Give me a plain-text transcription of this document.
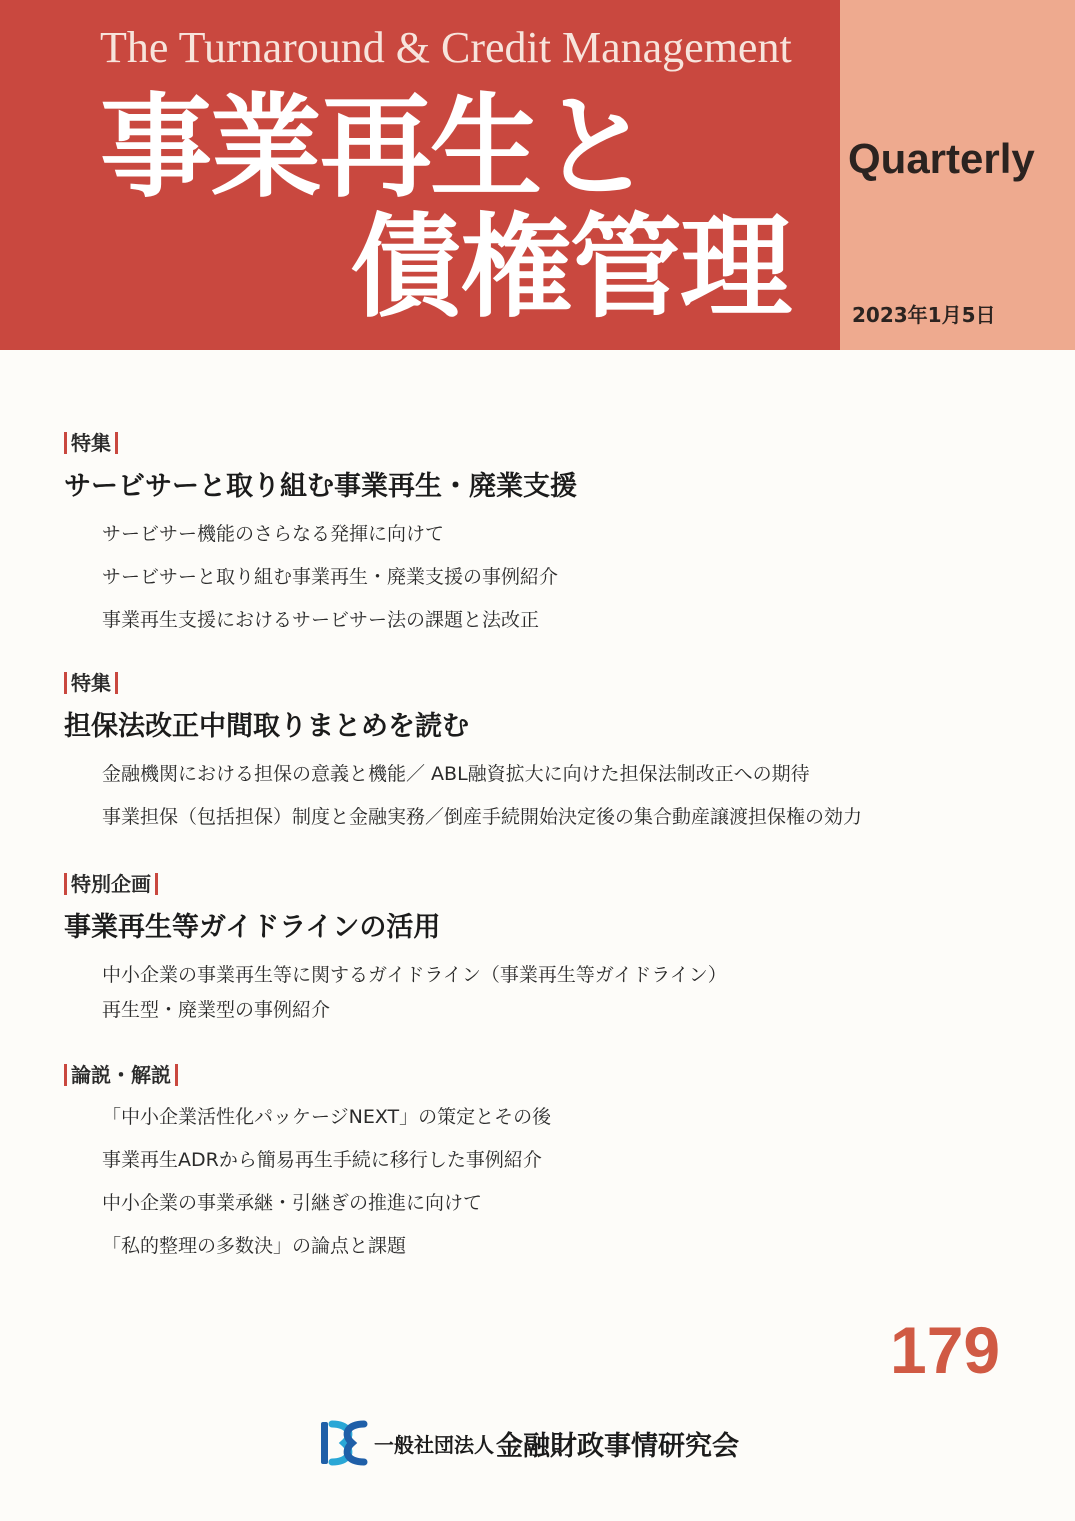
The Turnaround & Credit Management
事業再生と
債権管理
Quarterly
2023年1月5日
特集
サービサーと取り組む事業再生・廃業支援
サービサー機能のさらなる発揮に向けて
サービサーと取り組む事業再生・廃業支援の事例紹介
事業再生支援におけるサービサー法の課題と法改正
特集
担保法改正中間取りまとめを読む
金融機関における担保の意義と機能／ ABL融資拡大に向けた担保法制改正への期待
事業担保（包括担保）制度と金融実務／倒産手続開始決定後の集合動産譲渡担保権の効力
特別企画
事業再生等ガイドラインの活用
中小企業の事業再生等に関するガイドライン（事業再生等ガイドライン）
再生型・廃業型の事例紹介
論説・解説
「中小企業活性化パッケージNEXT」の策定とその後
事業再生ADRから簡易再生手続に移行した事例紹介
中小企業の事業承継・引継ぎの推進に向けて
「私的整理の多数決」の論点と課題
179
一般社団法人 金融財政事情研究会
